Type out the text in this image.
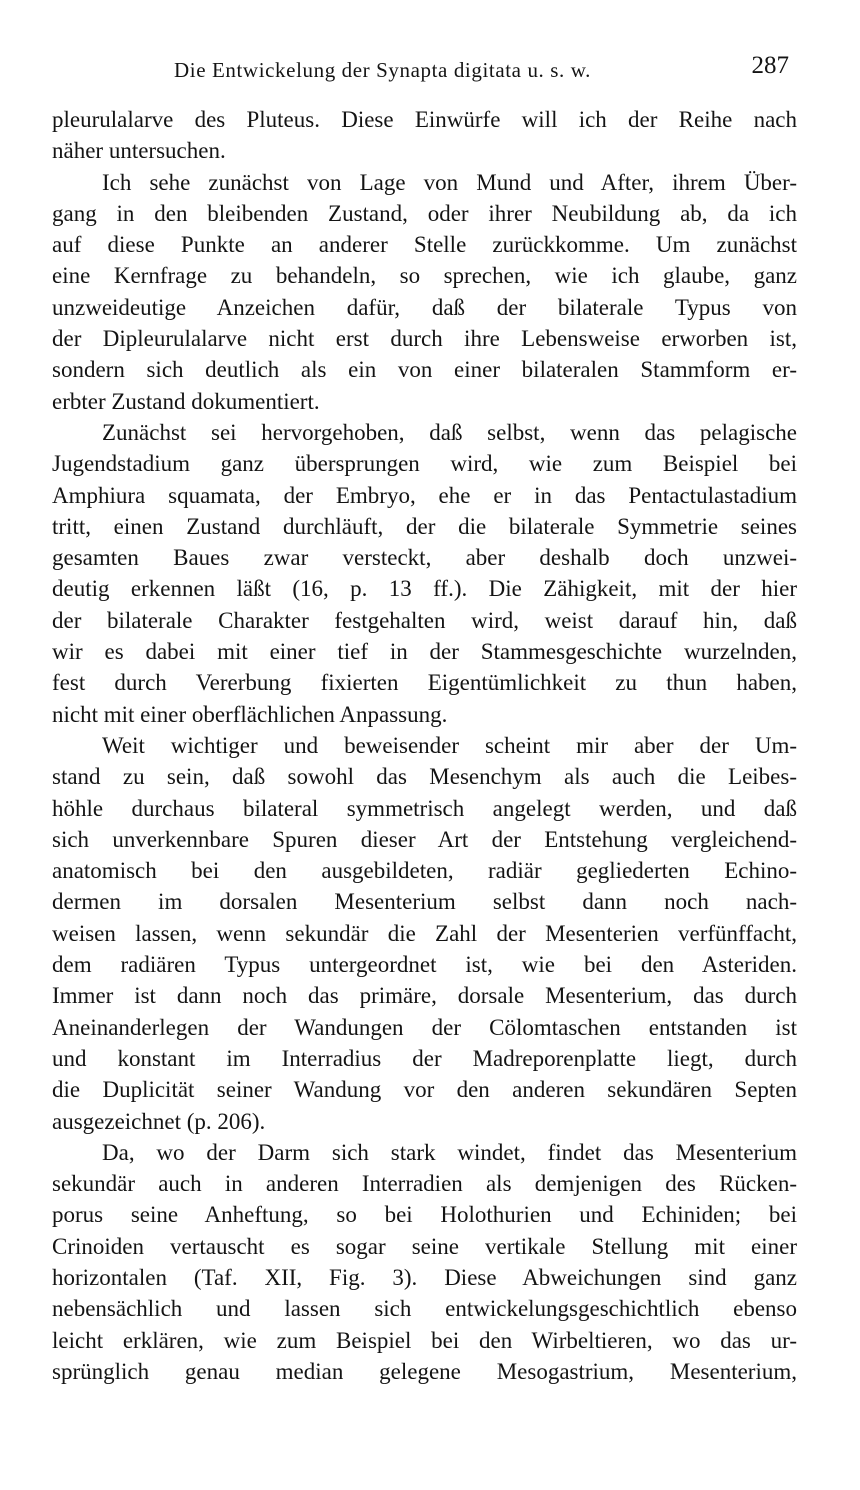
Die Entwickelung der Synapta digitata u. s. w.	287
pleurulalarve des Pluteus. Diese Einwürfe will ich der Reihe nach
näher untersuchen.
Ich sehe zunächst von Lage von Mund und After, ihrem Über-
gang in den bleibenden Zustand, oder ihrer Neubildung ab, da ich
auf diese Punkte an anderer Stelle zurückkomme. Um zunächst
eine Kernfrage zu behandeln, so sprechen, wie ich glaube, ganz
unzweideutige Anzeichen dafür, daß der bilaterale Typus von
der Dipleurulalarve nicht erst durch ihre Lebensweise erworben ist,
sondern sich deutlich als ein von einer bilateralen Stammform er-
erbter Zustand dokumentiert.
Zunächst sei hervorgehoben, daß selbst, wenn das pelagische
Jugendstadium ganz übersprungen wird, wie zum Beispiel bei
Amphiura squamata, der Embryo, ehe er in das Pentactulastadium
tritt, einen Zustand durchläuft, der die bilaterale Symmetrie seines
gesamten Baues zwar versteckt, aber deshalb doch unzwei-
deutig erkennen läßt (16, p. 13 ff.). Die Zähigkeit, mit der hier
der bilaterale Charakter festgehalten wird, weist darauf hin, daß
wir es dabei mit einer tief in der Stammesgeschichte wurzelnden,
fest durch Vererbung fixierten Eigentümlichkeit zu thun haben,
nicht mit einer oberflächlichen Anpassung.
Weit wichtiger und beweisender scheint mir aber der Um-
stand zu sein, daß sowohl das Mesenchym als auch die Leibes-
höhle durchaus bilateral symmetrisch angelegt werden, und daß
sich unverkennbare Spuren dieser Art der Entstehung vergleichend-
anatomisch bei den ausgebildeten, radiär gegliederten Echino-
dermen im dorsalen Mesenterium selbst dann noch nach-
weisen lassen, wenn sekundär die Zahl der Mesenterien verfünffacht,
dem radiären Typus untergeordnet ist, wie bei den Asteriden.
Immer ist dann noch das primäre, dorsale Mesenterium, das durch
Aneinanderlegen der Wandungen der Cölomtaschen entstanden ist
und konstant im Interradius der Madreporenplatte liegt, durch
die Duplicität seiner Wandung vor den anderen sekundären Septen
ausgezeichnet (p. 206).
Da, wo der Darm sich stark windet, findet das Mesenterium
sekundär auch in anderen Interradien als demjenigen des Rücken-
porus seine Anheftung, so bei Holothurien und Echiniden; bei
Crinoiden vertauscht es sogar seine vertikale Stellung mit einer
horizontalen (Taf. XII, Fig. 3). Diese Abweichungen sind ganz
nebensächlich und lassen sich entwickelungsgeschichtlich ebenso
leicht erklären, wie zum Beispiel bei den Wirbeltieren, wo das ur-
sprünglich genau median gelegene Mesogastrium, Mesenterium,
